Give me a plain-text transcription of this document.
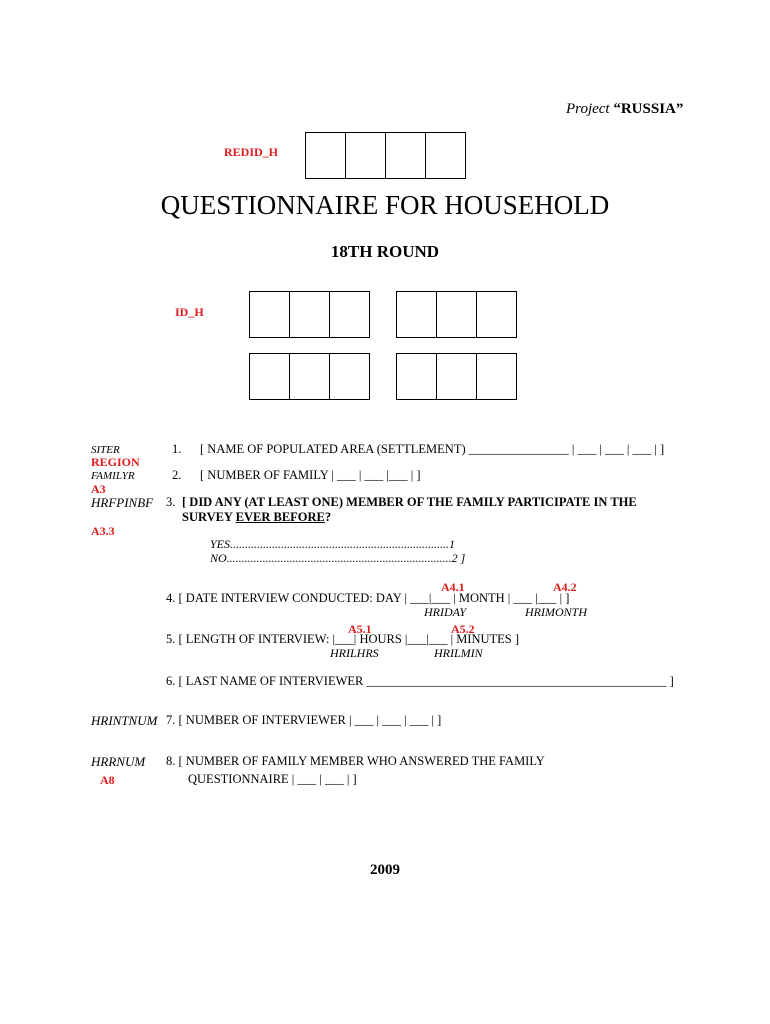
Project “RUSSIA”
REDID_H
QUESTIONNAIRE FOR HOUSEHOLD
18TH ROUND
ID_H
SITER
REGION
FAMILYR
A3
HRFPINBF
A3.3
1. [ NAME OF POPULATED AREA (SETTLEMENT) ________________ | ___ | ___ | ___ | ]
2. [ NUMBER OF FAMILY | ___ | ___ |___ | ]
3. [ DID ANY (AT LEAST ONE) MEMBER OF THE FAMILY PARTICIPATE IN THE
SURVEY EVER BEFORE?
YES.........................................................................1
NO...........................................................................2 ]
A4.1	A4.2
4. [ DATE INTERVIEW CONDUCTED: DAY | ___|___ | MONTH | ___ |___ | ]
HRIDAY	HRIMONTH
A5.1	A5.2
5. [ LENGTH OF INTERVIEW: |___| HOURS |___|___ | MINUTES ]
HRILHRS	HRILMIN
6. [ LAST NAME OF INTERVIEWER ________________________________________________ ]
HRINTNUM 7. [ NUMBER OF INTERVIEWER | ___ | ___ | ___ | ]
HRRNUM 8. [ NUMBER OF FAMILY MEMBER WHO ANSWERED THE FAMILY
A8	QUESTIONNAIRE | ___ | ___ | ]
2009
